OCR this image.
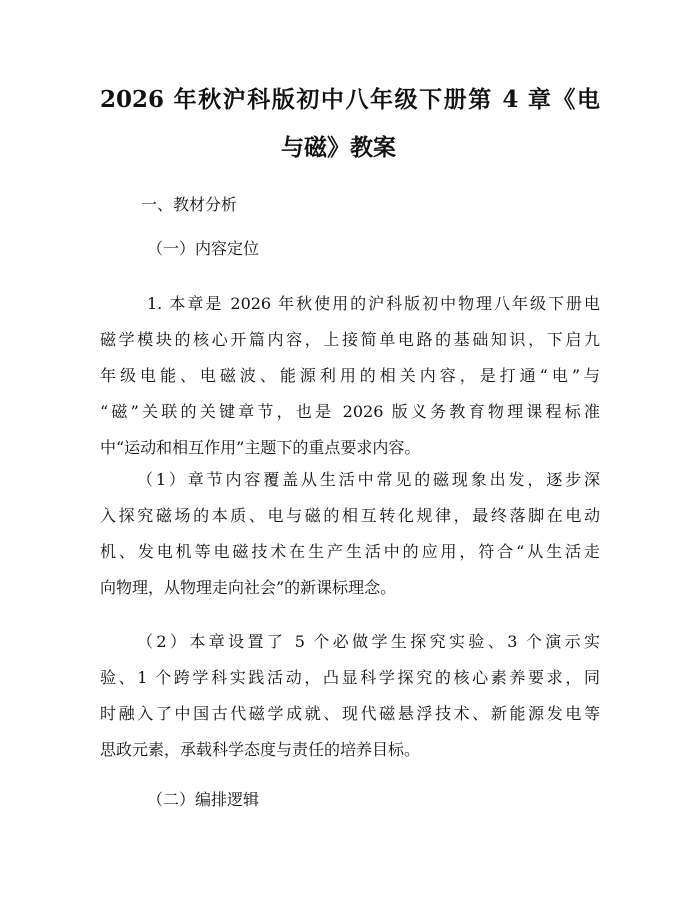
2026 年秋沪科版初中八年级下册第 4 章《电
与磁》教案
一、教材分析
（一）内容定位
1. 本章是 2026 年秋使用的沪科版初中物理八年级下册电
磁学模块的核心开篇内容，上接简单电路的基础知识，下启九
年级电能、电磁波、能源利用的相关内容，是打通“电”与
“磁”关联的关键章节，也是 2026 版义务教育物理课程标准
中“运动和相互作用”主题下的重点要求内容。
（1）章节内容覆盖从生活中常见的磁现象出发，逐步深
入探究磁场的本质、电与磁的相互转化规律，最终落脚在电动
机、发电机等电磁技术在生产生活中的应用，符合“从生活走
向物理，从物理走向社会”的新课标理念。
（2）本章设置了 5 个必做学生探究实验、3 个演示实
验、1 个跨学科实践活动，凸显科学探究的核心素养要求，同
时融入了中国古代磁学成就、现代磁悬浮技术、新能源发电等
思政元素，承载科学态度与责任的培养目标。
（二）编排逻辑
